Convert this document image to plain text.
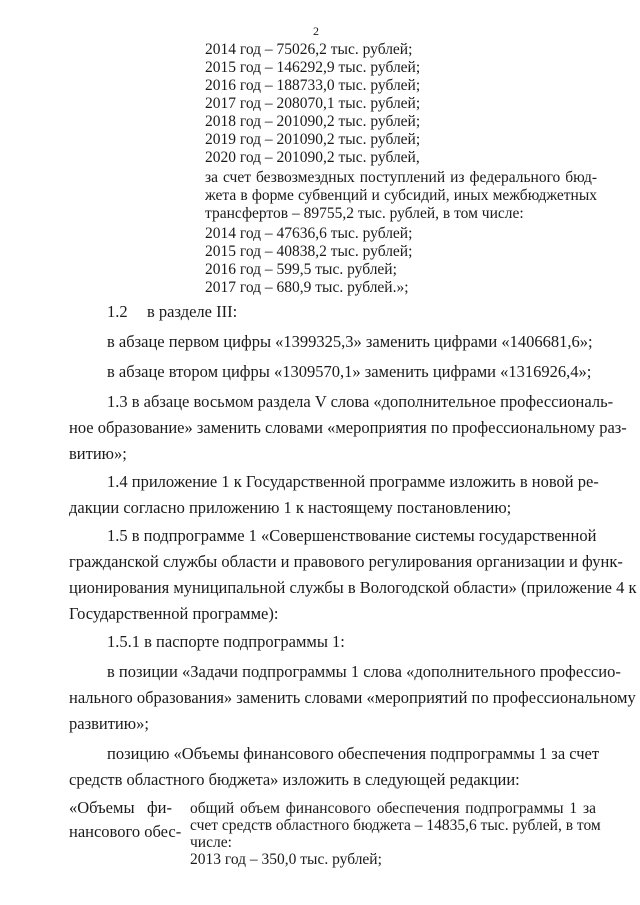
2
2014 год – 75026,2 тыс. рублей;
2015 год – 146292,9 тыс. рублей;
2016 год – 188733,0 тыс. рублей;
2017 год – 208070,1 тыс. рублей;
2018 год – 201090,2 тыс. рублей;
2019 год – 201090,2 тыс. рублей;
2020 год – 201090,2 тыс. рублей,
за счет безвозмездных поступлений из федерального бюд-
жета в форме субвенций и субсидий, иных межбюджетных
трансфертов – 89755,2 тыс. рублей, в том числе:
2014 год – 47636,6 тыс. рублей;
2015 год – 40838,2 тыс. рублей;
2016 год – 599,5 тыс. рублей;
2017 год – 680,9 тыс. рублей.»;
1.2 в разделе III:
в абзаце первом цифры «1399325,3» заменить цифрами «1406681,6»;
в абзаце втором цифры «1309570,1» заменить цифрами «1316926,4»;
1.3 в абзаце восьмом раздела V слова «дополнительное профессиональ-
ное образование» заменить словами «мероприятия по профессиональному раз-
витию»;
1.4 приложение 1 к Государственной программе изложить в новой ре-
дакции согласно приложению 1 к настоящему постановлению;
1.5 в подпрограмме 1 «Совершенствование системы государственной
гражданской службы области и правового регулирования организации и функ-
ционирования муниципальной службы в Вологодской области» (приложение 4 к
Государственной программе):
1.5.1 в паспорте подпрограммы 1:
в позиции «Задачи подпрограммы 1 слова «дополнительного профессио-
нального образования» заменить словами «мероприятий по профессиональному
развитию»;
позицию «Объемы финансового обеспечения подпрограммы 1 за счет
средств областного бюджета» изложить в следующей редакции:
«Объемы фи-
нансового обес-
общий объем финансового обеспечения подпрограммы 1 за
счет средств областного бюджета – 14835,6 тыс. рублей, в том
числе:
2013 год – 350,0 тыс. рублей;
